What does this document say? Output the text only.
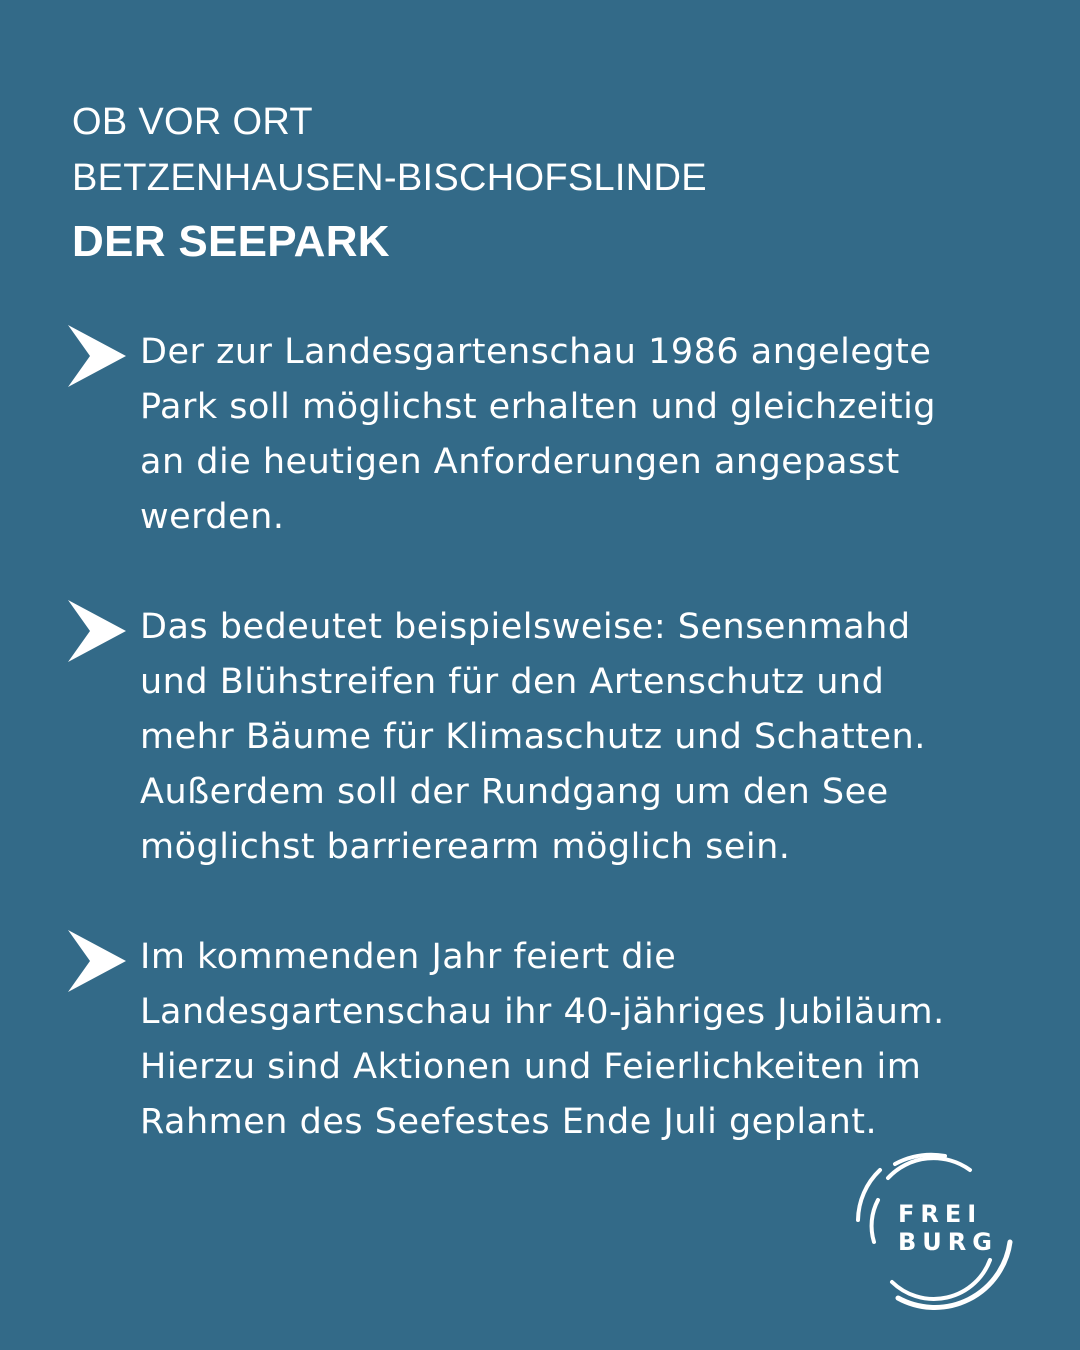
OB VOR ORT

BETZENHAUSEN-BISCHOFSLINDE

DER SEEPARK

Der zur Landesgartenschau 1986 angelegte
Park soll möglichst erhalten und gleichzeitig
an die heutigen Anforderungen angepasst
werden.

Das bedeutet beispielsweise: Sensenmahd
und Blühstreifen für den Artenschutz und
mehr Bäume für Klimaschutz und Schatten.
Außerdem soll der Rundgang um den See
möglichst barrierearm möglich sein.

Im kommenden Jahr feiert die
Landesgartenschau ihr 40-jähriges Jubiläum.
Hierzu sind Aktionen und Feierlichkeiten im
Rahmen des Seefestes Ende Juli geplant.

FREI
BURG
